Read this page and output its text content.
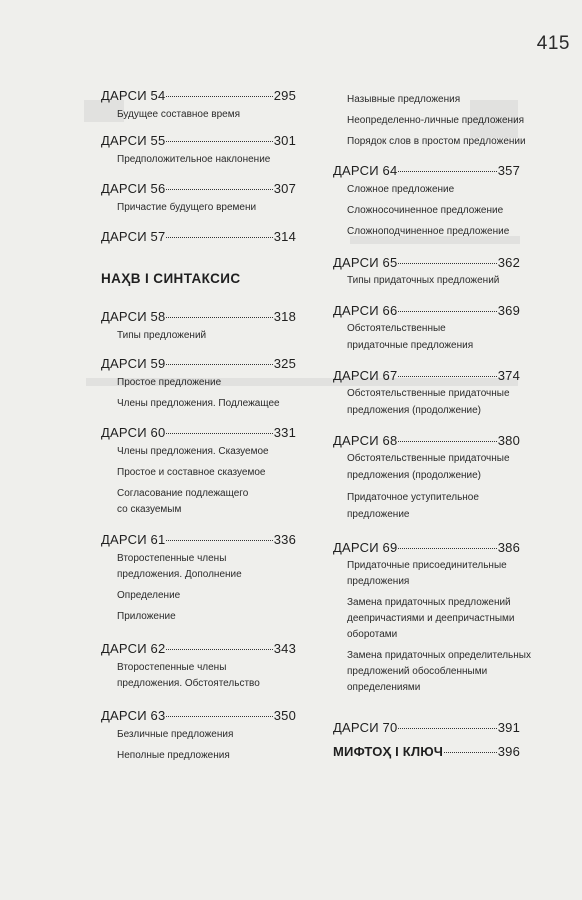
415
ДАРСИ 54	295
Будущее составное время
ДАРСИ 55	301
Предположительное наклонение
ДАРСИ 56	307
Причастие будущего времени
ДАРСИ 57	314
НАҲВ I СИНТАКСИС
ДАРСИ 58	318
Типы предложений
ДАРСИ 59	325
Простое предложение
Члены предложения. Подлежащее
ДАРСИ 60	331
Члены предложения. Сказуемое
Простое и составное сказуемое
Согласование подлежащего
со сказуемым
ДАРСИ 61	336
Второстепенные члены
предложения. Дополнение
Определение
Приложение
ДАРСИ 62	343
Второстепенные члены
предложения. Обстоятельство
ДАРСИ 63	350
Безличные предложения
Неполные предложения
Назывные предложения
Неопределенно-личные предложения
Порядок слов в простом предложении
ДАРСИ 64	357
Сложное предложение
Сложносочиненное предложение
Сложноподчиненное предложение
ДАРСИ 65	362
Типы придаточных предложений
ДАРСИ 66	369
Обстоятельственные
придаточные предложения
ДАРСИ 67	374
Обстоятельственные придаточные
предложения (продолжение)
ДАРСИ 68	380
Обстоятельственные придаточные
предложения (продолжение)
Придаточное уступительное
предложение
ДАРСИ 69	386
Придаточные присоединительные
предложения
Замена придаточных предложений
деепричастиями и деепричастными
оборотами
Замена придаточных определительных
предложений обособленными
определениями
ДАРСИ 70	391
МИФТОҲ I КЛЮЧ	396
